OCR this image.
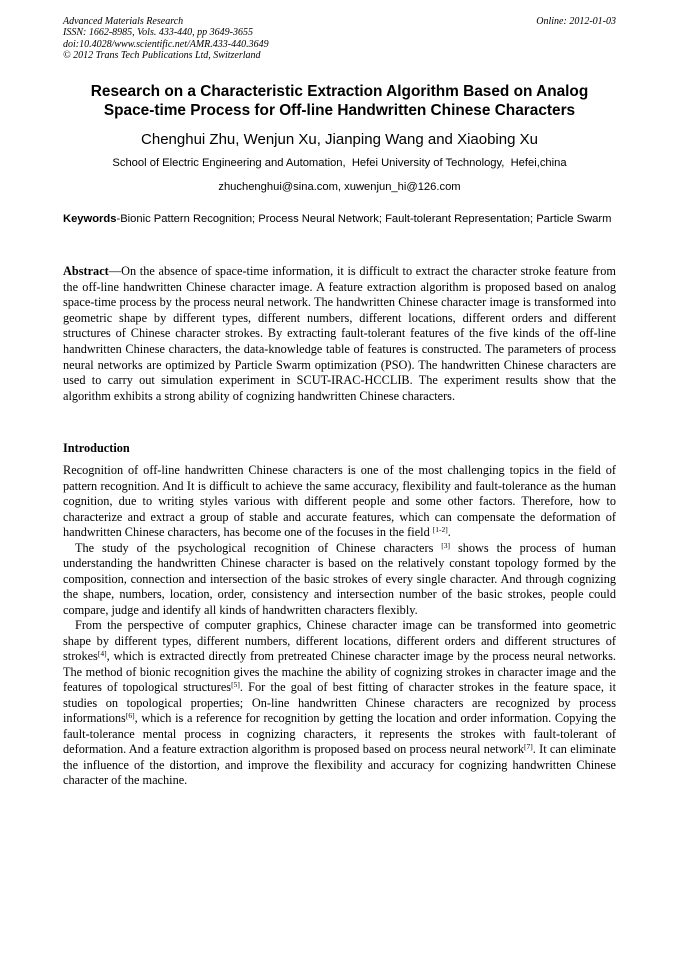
Advanced Materials Research
ISSN: 1662-8985, Vols. 433-440, pp 3649-3655
doi:10.4028/www.scientific.net/AMR.433-440.3649
© 2012 Trans Tech Publications Ltd, Switzerland
Online: 2012-01-03
Research on a Characteristic Extraction Algorithm Based on Analog
Space-time Process for Off-line Handwritten Chinese Characters
Chenghui Zhu, Wenjun Xu, Jianping Wang and Xiaobing Xu
School of Electric Engineering and Automation,  Hefei University of Technology,  Hefei,china
zhuchenghui@sina.com, xuwenjun_hi@126.com
Keywords-Bionic Pattern Recognition; Process Neural Network; Fault-tolerant Representation; Particle Swarm
Abstract—On the absence of space-time information, it is difficult to extract the character stroke feature from the off-line handwritten Chinese character image. A feature extraction algorithm is proposed based on analog space-time process by the process neural network. The handwritten Chinese character image is transformed into geometric shape by different types, different numbers, different locations, different orders and different structures of Chinese character strokes. By extracting fault-tolerant features of the five kinds of the off-line handwritten Chinese characters, the data-knowledge table of features is constructed. The parameters of process neural networks are optimized by Particle Swarm optimization (PSO). The handwritten Chinese characters are used to carry out simulation experiment in SCUT-IRAC-HCCLIB. The experiment results show that the algorithm exhibits a strong ability of cognizing handwritten Chinese characters.
Introduction

Recognition of off-line handwritten Chinese characters is one of the most challenging topics in the field of pattern recognition. And It is difficult to achieve the same accuracy, flexibility and fault-tolerance as the human cognition, due to writing styles various with different people and some other factors. Therefore, how to characterize and extract a group of stable and accurate features, which can compensate the deformation of handwritten Chinese characters, has become one of the focuses in the field [1-2].

The study of the psychological recognition of Chinese characters [3] shows the process of human understanding the handwritten Chinese character is based on the relatively constant topology formed by the composition, connection and intersection of the basic strokes of every single character. And through cognizing the shape, numbers, location, order, consistency and intersection number of the basic strokes, people could compare, judge and identify all kinds of handwritten characters flexibly.

From the perspective of computer graphics, Chinese character image can be transformed into geometric shape by different types, different numbers, different locations, different orders and different structures of strokes[4], which is extracted directly from pretreated Chinese character image by the process neural networks. The method of bionic recognition gives the machine the ability of cognizing strokes in character image and the features of topological structures[5]. For the goal of best fitting of character strokes in the feature space, it studies on topological properties; On-line handwritten Chinese characters are recognized by process informations[6], which is a reference for recognition by getting the location and order information. Copying the fault-tolerance mental process in cognizing characters, it represents the strokes with fault-tolerant of deformation. And a feature extraction algorithm is proposed based on process neural network[7]. It can eliminate the influence of the distortion, and improve the flexibility and accuracy for cognizing handwritten Chinese character of the machine.
